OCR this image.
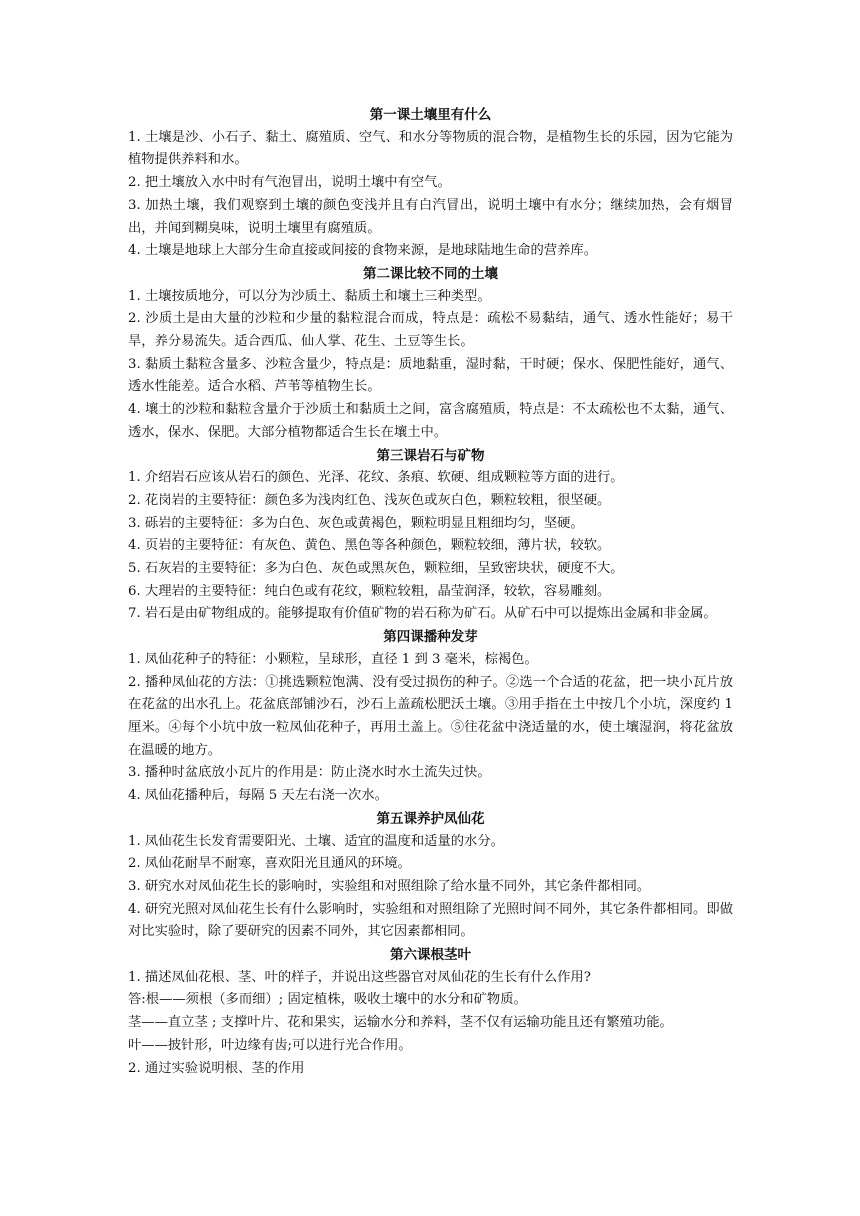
第一课土壤里有什么

1. 土壤是沙、小石子、黏土、腐殖质、空气、和水分等物质的混合物，是植物生长的乐园，因为它能为植物提供养料和水。

2. 把土壤放入水中时有气泡冒出，说明土壤中有空气。

3. 加热土壤，我们观察到土壤的颜色变浅并且有白汽冒出，说明土壤中有水分；继续加热，会有烟冒出，并闻到糊臭味，说明土壤里有腐殖质。

4. 土壤是地球上大部分生命直接或间接的食物来源，是地球陆地生命的营养库。

第二课比较不同的土壤

1. 土壤按质地分，可以分为沙质土、黏质土和壤土三种类型。

2. 沙质土是由大量的沙粒和少量的黏粒混合而成，特点是：疏松不易黏结，通气、透水性能好；易干旱，养分易流失。适合西瓜、仙人掌、花生、土豆等生长。

3. 黏质土黏粒含量多、沙粒含量少，特点是：质地黏重，湿时黏，干时硬；保水、保肥性能好，通气、透水性能差。适合水稻、芦苇等植物生长。

4. 壤土的沙粒和黏粒含量介于沙质土和黏质土之间，富含腐殖质，特点是：不太疏松也不太黏，通气、透水，保水、保肥。大部分植物都适合生长在壤土中。

第三课岩石与矿物

1. 介绍岩石应该从岩石的颜色、光泽、花纹、条痕、软硬、组成颗粒等方面的进行。

2. 花岗岩的主要特征：颜色多为浅肉红色、浅灰色或灰白色，颗粒较粗，很坚硬。

3. 砾岩的主要特征：多为白色、灰色或黄褐色，颗粒明显且粗细均匀，坚硬。

4. 页岩的主要特征：有灰色、黄色、黑色等各种颜色，颗粒较细，薄片状，较软。

5. 石灰岩的主要特征：多为白色、灰色或黑灰色，颗粒细，呈致密块状，硬度不大。

6. 大理岩的主要特征：纯白色或有花纹，颗粒较粗，晶莹润泽，较软，容易雕刻。

7. 岩石是由矿物组成的。能够提取有价值矿物的岩石称为矿石。从矿石中可以提炼出金属和非金属。

第四课播种发芽

1. 凤仙花种子的特征：小颗粒，呈球形，直径 1 到 3 毫米，棕褐色。

2. 播种凤仙花的方法：①挑选颗粒饱满、没有受过损伤的种子。②选一个合适的花盆，把一块小瓦片放在花盆的出水孔上。花盆底部铺沙石，沙石上盖疏松肥沃土壤。③用手指在土中按几个小坑，深度约 1 厘米。④每个小坑中放一粒凤仙花种子，再用土盖上。⑤往花盆中浇适量的水，使土壤湿润，将花盆放在温暖的地方。

3. 播种时盆底放小瓦片的作用是：防止浇水时水土流失过快。

4. 凤仙花播种后，每隔 5 天左右浇一次水。

第五课养护凤仙花

1. 凤仙花生长发育需要阳光、土壤、适宜的温度和适量的水分。

2. 凤仙花耐旱不耐寒，喜欢阳光且通风的环境。

3. 研究水对凤仙花生长的影响时，实验组和对照组除了给水量不同外，其它条件都相同。

4. 研究光照对凤仙花生长有什么影响时，实验组和对照组除了光照时间不同外，其它条件都相同。即做对比实验时，除了要研究的因素不同外，其它因素都相同。

第六课根茎叶

1. 描述凤仙花根、茎、叶的样子，并说出这些器官对凤仙花的生长有什么作用?

答:根——须根（多而细）; 固定植株，吸收土壤中的水分和矿物质。

茎——直立茎 ; 支撑叶片、花和果实，运输水分和养料，茎不仅有运输功能且还有繁殖功能。

叶——披针形，叶边缘有齿;可以进行光合作用。

2. 通过实验说明根、茎的作用
